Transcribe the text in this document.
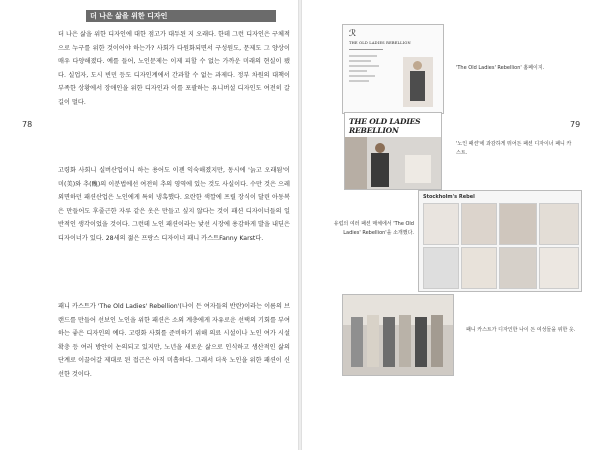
78
더 나은 삶을 위한 디자인
더 나은 삶을 위한 디자인에 대한 점고가 대두된 지 오래다. 한데 그런 디자인은 구체적으로 누구를 위한 것이어야 하는가? 사회가 다원화되면서 구성원도, 문제도 그 양상이 매우 다양해졌다. 예를 들어, 노인문제는 이제 피할 수 없는 가까운 미래의 현실이 됐다. 실업자, 도시 빈민 등도 디자인계에서 간과할 수 없는 과제다. 정부 차원의 대책이 부족한 상황에서 장애인을 위한 디자인과 이를 포괄하는 유니버설 디자인도 여전히 갈 길이 멀다.
고령화 사회니 실버산업이니 하는 용어도 이젠 익숙해졌지만, 동시에 '늙고 오래됨'이 미(美)와 추(醜)의 이분법에선 여전히 추의 영역에 있는 것도 사실이다. 수만 것은 으레 외면하던 패션산업은 노인에게 특히 냉혹했다. 요란한 색깔에 프릴 장식이 달린 아동복은 만들어도 후줄근한 자루 같은 옷은 만들고 싶지 않다는 것이 패션 디자이너들의 일반적인 생각이었을 것이다. 그런데 노인 패션이라는 낯선 시장에 용감하게 발을 내딛은 디자이너가 있다. 28세의 젊은 프랑스 디자이너 패니 카스트Fanny Karst다.
패니 카스트가 'The Old Ladies' Rebellion'(나이 든 여자들의 반란)이라는 이름의 브랜드를 만들어 선보인 노인을 위한 패션은 소외 계층에게 자유로운 선택의 기회를 부여하는 좋은 디자인의 예다. 고령화 사회를 준비하기 위해 의료 시설이나 노인 여가 시설 확충 등 여러 방안이 논의되고 있지만, 노년을 새로운 삶으로 인식하고 생산적인 삶의 단계로 이끌어갈 제대로 된 접근은 아직 미흡하다. 그래서 더욱 노인을 위한 패션이 신선한 것이다.
79
ℛ
THE OLD LADIES REBELLION
'The Old Ladies' Rebellion' 홈페이지.
THE OLD LADIES REBELLION
'노인 패션'에 과감하게 뛰어든 패션 디자이너 패니 카스트.
Stockholm's Rebel
유럽의 여러 패션 매체에서 'The Old Ladies' Rebellion'을 소개했다.
패니 카스트가 디자인한 나이 든 여성들을 위한 옷.
